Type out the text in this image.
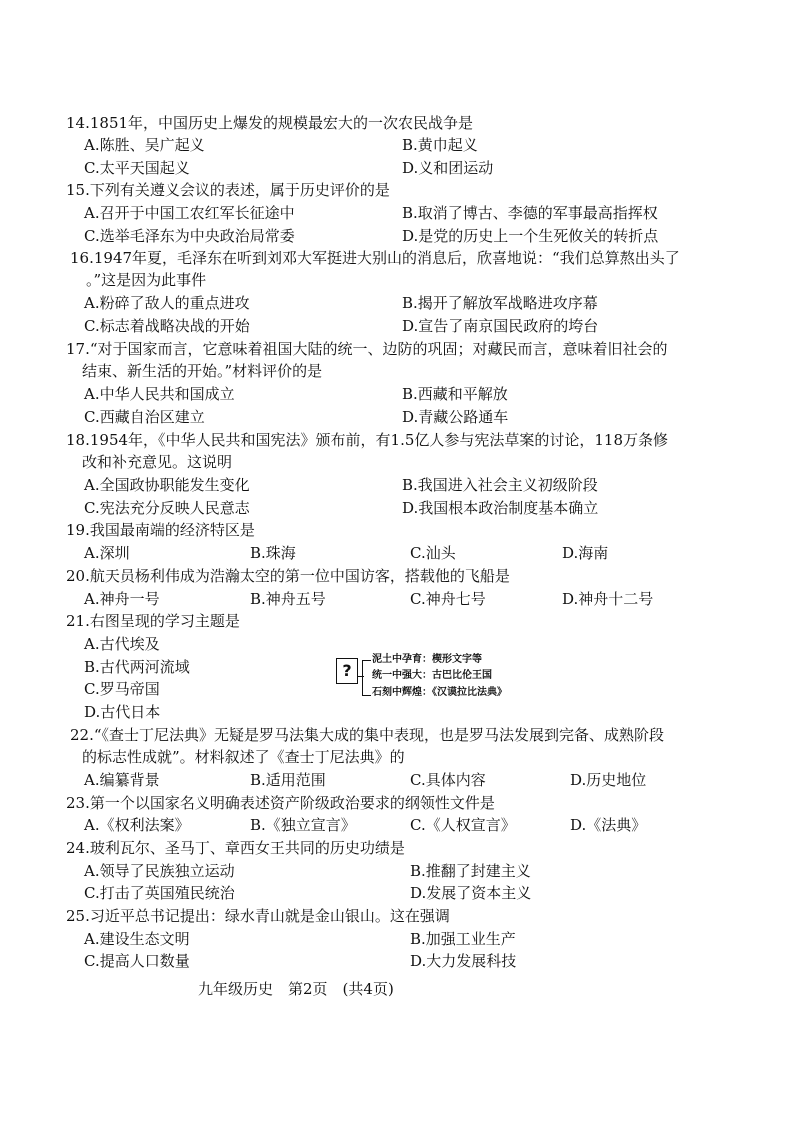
14.1851年，中国历史上爆发的规模最宏大的一次农民战争是
A.陈胜、吴广起义	B.黄巾起义
C.太平天国起义	D.义和团运动
15.下列有关遵义会议的表述，属于历史评价的是
A.召开于中国工农红军长征途中	B.取消了博古、李德的军事最高指挥权
C.选举毛泽东为中央政治局常委	D.是党的历史上一个生死攸关的转折点
16.1947年夏，毛泽东在听到刘邓大军挺进大别山的消息后，欣喜地说：“我们总算熬出头了
。”这是因为此事件
A.粉碎了敌人的重点进攻	B.揭开了解放军战略进攻序幕
C.标志着战略决战的开始	D.宣告了南京国民政府的垮台
17.“对于国家而言，它意味着祖国大陆的统一、边防的巩固；对藏民而言，意味着旧社会的
结束、新生活的开始。”材料评价的是
A.中华人民共和国成立	B.西藏和平解放
C.西藏自治区建立	D.青藏公路通车
18.1954年，《中华人民共和国宪法》颁布前，有1.5亿人参与宪法草案的讨论，118万条修
改和补充意见。这说明
A.全国政协职能发生变化	B.我国进入社会主义初级阶段
C.宪法充分反映人民意志	D.我国根本政治制度基本确立
19.我国最南端的经济特区是
A.深圳	B.珠海	C.汕头	D.海南
20.航天员杨利伟成为浩瀚太空的第一位中国访客，搭载他的飞船是
A.神舟一号	B.神舟五号	C.神舟七号	D.神舟十二号
21.右图呈现的学习主题是
A.古代埃及
B.古代两河流域
C.罗马帝国
D.古代日本
?
泥土中孕育：楔形文字等
统一中强大：古巴比伦王国
石刻中辉煌：《汉谟拉比法典》
22.“《查士丁尼法典》无疑是罗马法集大成的集中表现，也是罗马法发展到完备、成熟阶段
的标志性成就”。材料叙述了《查士丁尼法典》的
A.编纂背景	B.适用范围	C.具体内容	D.历史地位
23.第一个以国家名义明确表述资产阶级政治要求的纲领性文件是
A.《权利法案》	B.《独立宣言》	C.《人权宣言》	D.《法典》
24.玻利瓦尔、圣马丁、章西女王共同的历史功绩是
A.领导了民族独立运动	B.推翻了封建主义
C.打击了英国殖民统治	D.发展了资本主义
25.习近平总书记提出：绿水青山就是金山银山。这在强调
A.建设生态文明	B.加强工业生产
C.提高人口数量	D.大力发展科技
九年级历史　第2页　(共4页)
